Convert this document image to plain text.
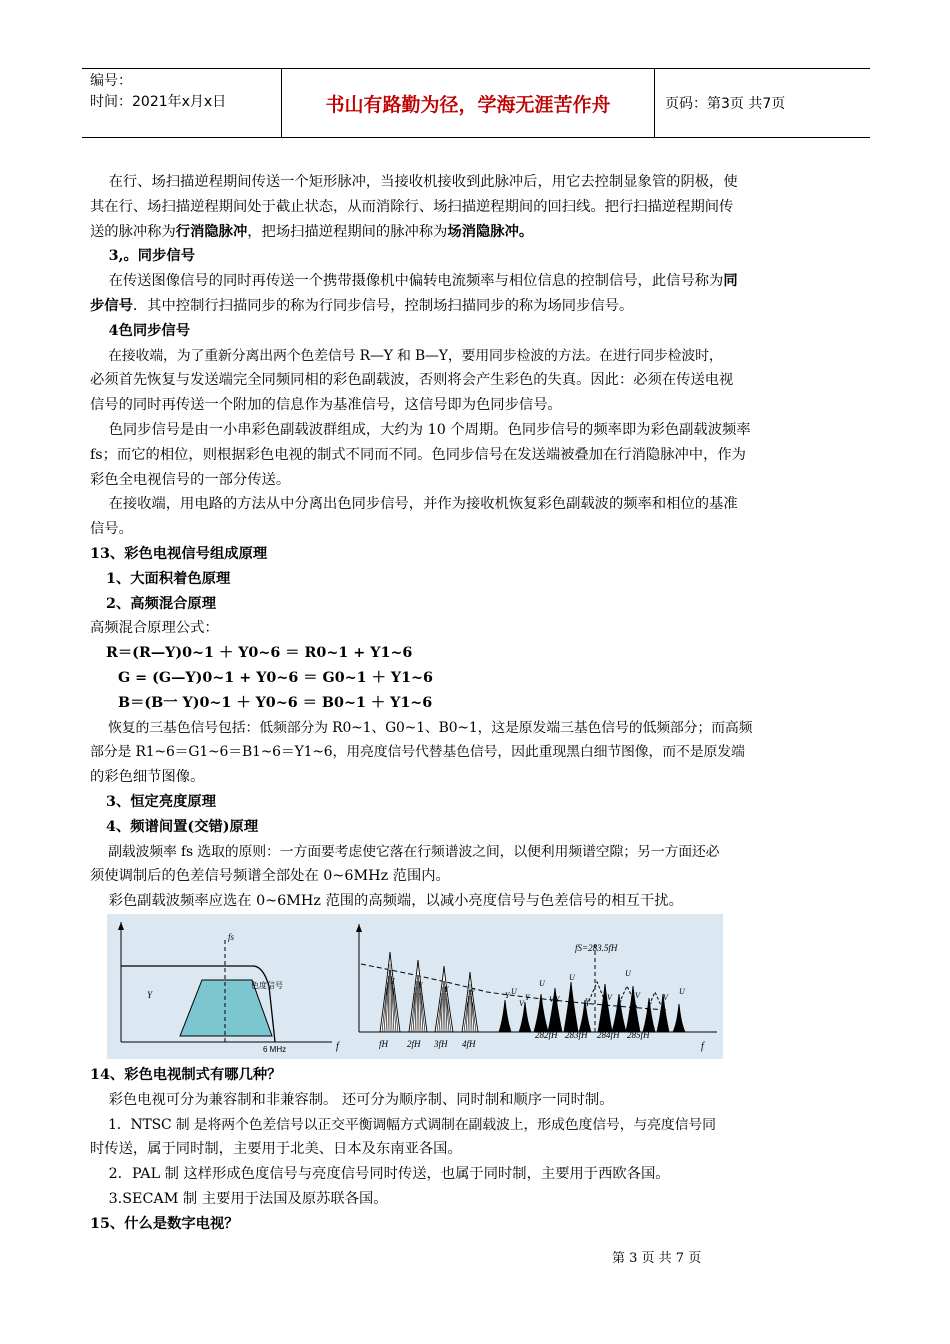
编号：
时间：2021年x月x日	书山有路勤为径，学海无涯苦作舟	页码：第3页 共7页

在行、场扫描逆程期间传送一个矩形脉冲，当接收机接收到此脉冲后，用它去控制显象管的阴极，使

其在行、场扫描逆程期间处于截止状态，从而消除行、场扫描逆程期间的回扫线。把行扫描逆程期间传

送的脉冲称为行消隐脉冲，把场扫描逆程期间的脉冲称为场消隐脉冲。

3,。同步信号

在传送图像信号的同时再传送一个携带摄像机中偏转电流频率与相位信息的控制信号，此信号称为同

步信号．其中控制行扫描同步的称为行同步信号，控制场扫描同步的称为场同步信号。

4色同步信号

在接收端，为了重新分离出两个色差信号 R—Y 和 B—Y，要用同步检波的方法。在进行同步检波时，

必须首先恢复与发送端完全同频同相的彩色副载波，否则将会产生彩色的失真。因此：必须在传送电视

信号的同时再传送一个附加的信息作为基准信号，这信号即为色同步信号。

色同步信号是由一小串彩色副载波群组成，大约为 10 个周期。色同步信号的频率即为彩色副载波频率

fs；而它的相位，则根据彩色电视的制式不同而不同。色同步信号在发送端被叠加在行消隐脉冲中，作为

彩色全电视信号的一部分传送。

在接收端，用电路的方法从中分离出色同步信号，并作为接收机恢复彩色副载波的频率和相位的基准

信号。

13、彩色电视信号组成原理

1、大面积着色原理

2、高频混合原理

高频混合原理公式：

R＝(R—Y)0~1 ＋ Y0~6 ＝ R0~1 + Y1~6

G = (G—Y)0~1 + Y0~6 ＝ G0~1 ＋ Y1~6

B＝(B一 Y)0~1 ＋ Y0~6 ＝ B0~1 ＋ Y1~6

恢复的三基色信号包括：低频部分为 R0~1、G0~1、B0~1，这是原发端三基色信号的低频部分；而高频

部分是 R1~6＝G1~6＝B1~6＝Y1~6，用亮度信号代替基色信号，因此重现黑白细节图像，而不是原发端

的彩色细节图像。

3、恒定亮度原理

4、频谱间置(交错)原理

副载波频率 fs 选取的原则：一方面要考虑使它落在行频谱波之间，以便利用频谱空隙；另一方面还必

须使调制后的色差信号频谱全部处在 0~6MHz 范围内。

彩色副载波频率应选在 0~6MHz 范围的高频端，以减小亮度信号与色差信号的相互干扰。

fs
Y
色度信号
6 MHz	f
fS=283.5fH
fH 2fH 3fH 4fH
282fH 283fH 284fH 285fH
f
Y	Y	Y	Y	Y Y	Y	Y	Y	Y
U
U
U	U
U
V	V	V	V	V

14、彩色电视制式有哪几种？

彩色电视可分为兼容制和非兼容制。 还可分为顺序制、同时制和顺序一同时制。

1．NTSC 制 是将两个色差信号以正交平衡调幅方式调制在副载波上，形成色度信号，与亮度信号同

时传送，属于同时制，主要用于北美、日本及东南亚各国。

2．PAL 制 这样形成色度信号与亮度信号同时传送，也属于同时制，主要用于西欧各国。

3.SECAM 制 主要用于法国及原苏联各国。

15、什么是数字电视？

第 3 页 共 7 页
